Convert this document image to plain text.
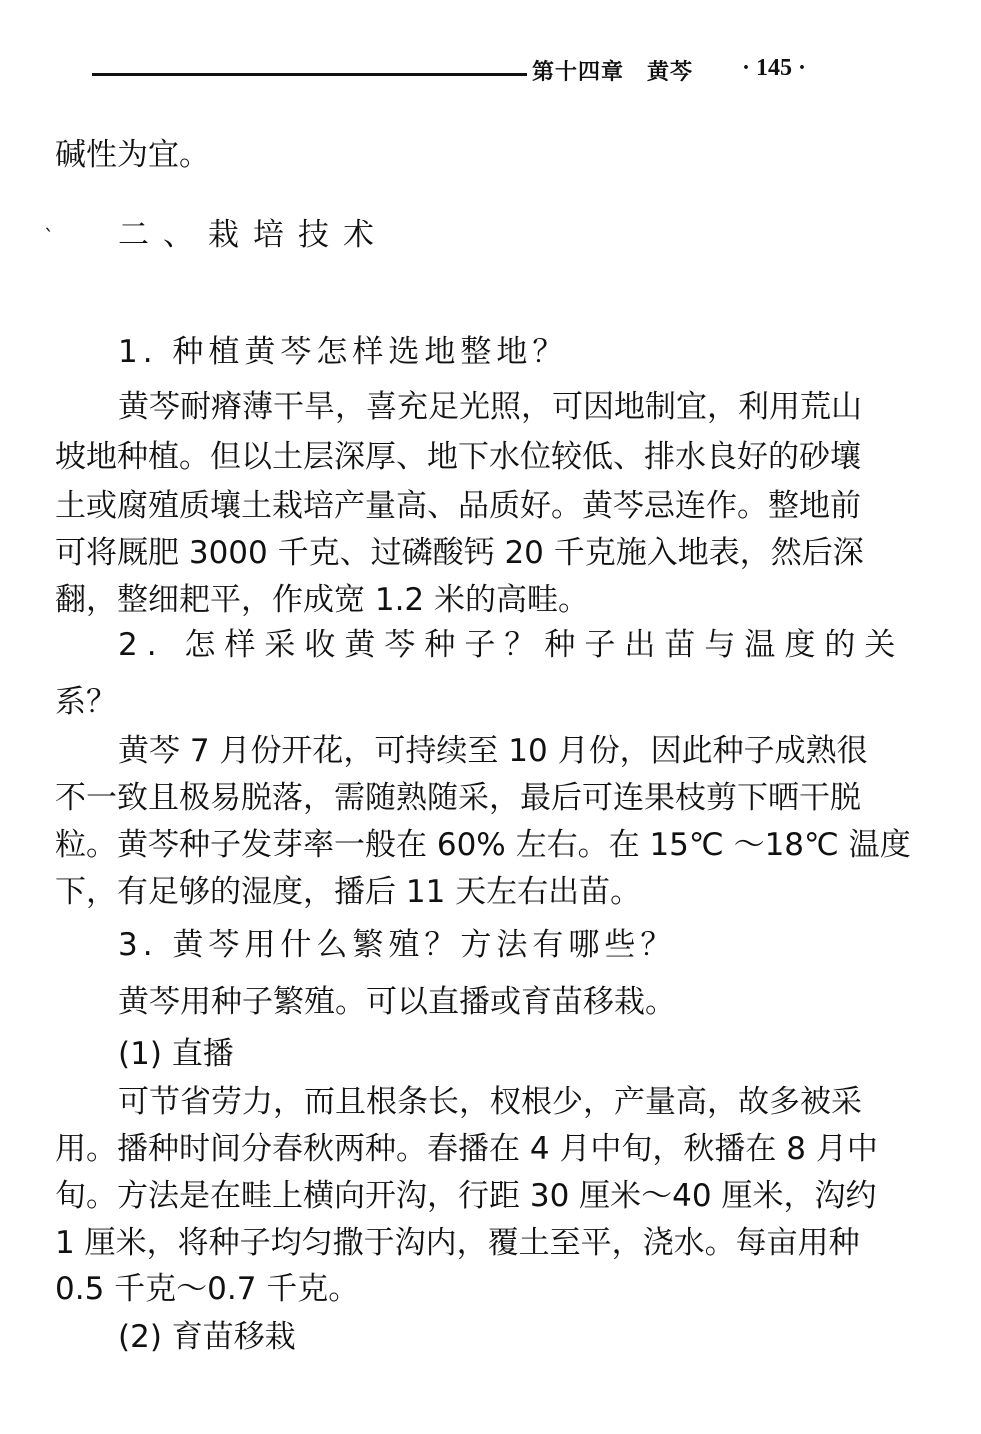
第十四章　黄芩 · 145 ·
`
碱性为宜。
二、栽培技术
1. 种植黄芩怎样选地整地？
黄芩耐瘠薄干旱，喜充足光照，可因地制宜，利用荒山
坡地种植。但以土层深厚、地下水位较低、排水良好的砂壤
土或腐殖质壤土栽培产量高、品质好。黄芩忌连作。整地前
可将厩肥 3000 千克、过磷酸钙 20 千克施入地表，然后深
翻，整细耙平，作成宽 1.2 米的高畦。
2. 怎样采收黄芩种子？种子出苗与温度的关
系？
黄芩 7 月份开花，可持续至 10 月份，因此种子成熟很
不一致且极易脱落，需随熟随采，最后可连果枝剪下晒干脱
粒。黄芩种子发芽率一般在 60% 左右。在 15℃ ～18℃ 温度
下，有足够的湿度，播后 11 天左右出苗。
3. 黄芩用什么繁殖？方法有哪些？
黄芩用种子繁殖。可以直播或育苗移栽。
(1) 直播
可节省劳力，而且根条长，杈根少，产量高，故多被采
用。播种时间分春秋两种。春播在 4 月中旬，秋播在 8 月中
旬。方法是在畦上横向开沟，行距 30 厘米～40 厘米，沟约
1 厘米，将种子均匀撒于沟内，覆土至平，浇水。每亩用种
0.5 千克～0.7 千克。
(2) 育苗移栽
